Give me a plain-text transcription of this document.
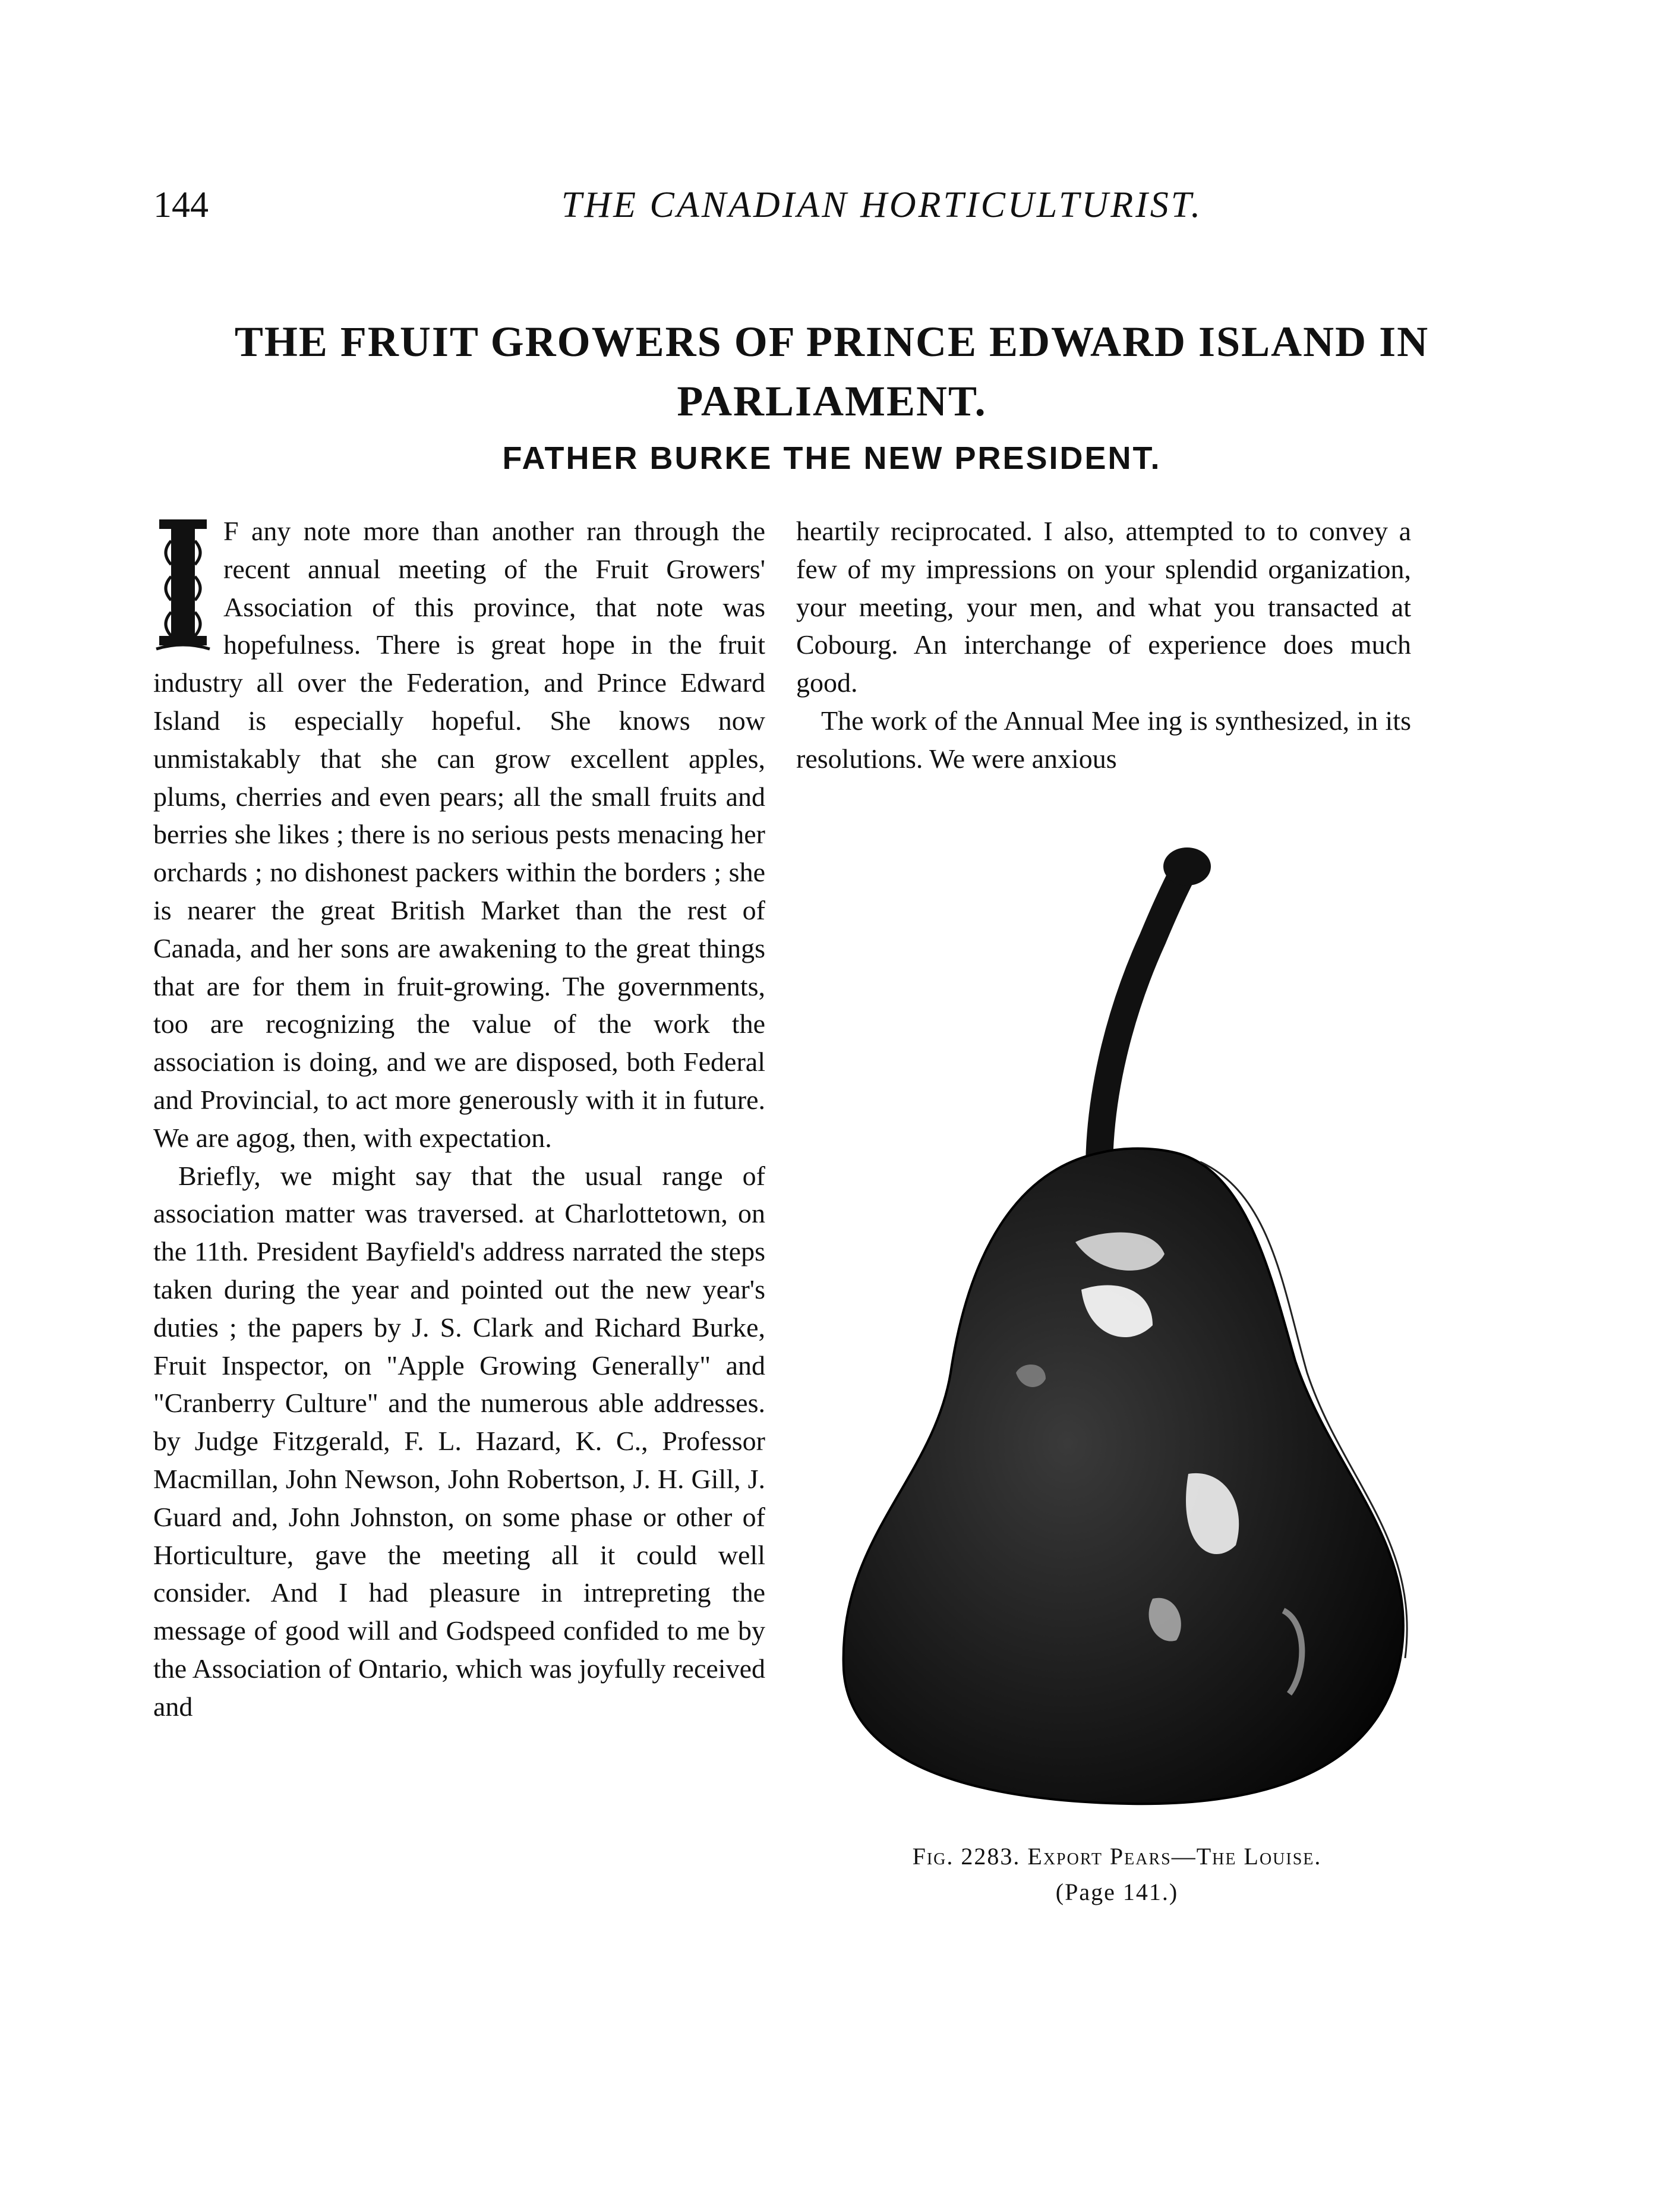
144	THE CANADIAN HORTICULTURIST.
THE FRUIT GROWERS OF PRINCE EDWARD ISLAND IN PARLIAMENT.
FATHER BURKE THE NEW PRESIDENT.

F any note more than another ran through the recent annual meeting of the Fruit Growers' Association of this province, that note was hopefulness. There is great hope in the fruit industry all over the Federation, and Prince Edward Island is especially hopeful. She knows now unmistakably that she can grow excellent apples, plums, cherries and even pears; all the small fruits and berries she likes ; there is no serious pests menacing her orchards ; no dishonest packers within the borders ; she is nearer the great British Market than the rest of Canada, and her sons are awakening to the great things that are for them in fruit-growing. The governments, too are recognizing the value of the work the association is doing, and we are disposed, both Federal and Provincial, to act more generously with it in future. We are agog, then, with expectation.

Briefly, we might say that the usual range of association matter was traversed. at Charlottetown, on the 11th. President Bayfield's address narrated the steps taken during the year and pointed out the new year's duties ; the papers by J. S. Clark and Richard Burke, Fruit Inspector, on "Apple Growing Generally" and "Cranberry Culture" and the numerous able addresses. by Judge Fitzgerald, F. L. Hazard, K. C., Professor Macmillan, John Newson, John Robertson, J. H. Gill, J. Guard and, John Johnston, on some phase or other of Horticulture, gave the meeting all it could well consider. And I had pleasure in intrepreting the message of good will and Godspeed confided to me by the Association of Ontario, which was joyfully received and

heartily reciprocated. I also, attempted to to convey a few of my impressions on your splendid organization, your meeting, your men, and what you transacted at Cobourg. An interchange of experience does much good.

The work of the Annual Mee ing is synthesized, in its resolutions. We were anxious

Fig. 2283. Export Pears—The Louise.
(Page 141.)
